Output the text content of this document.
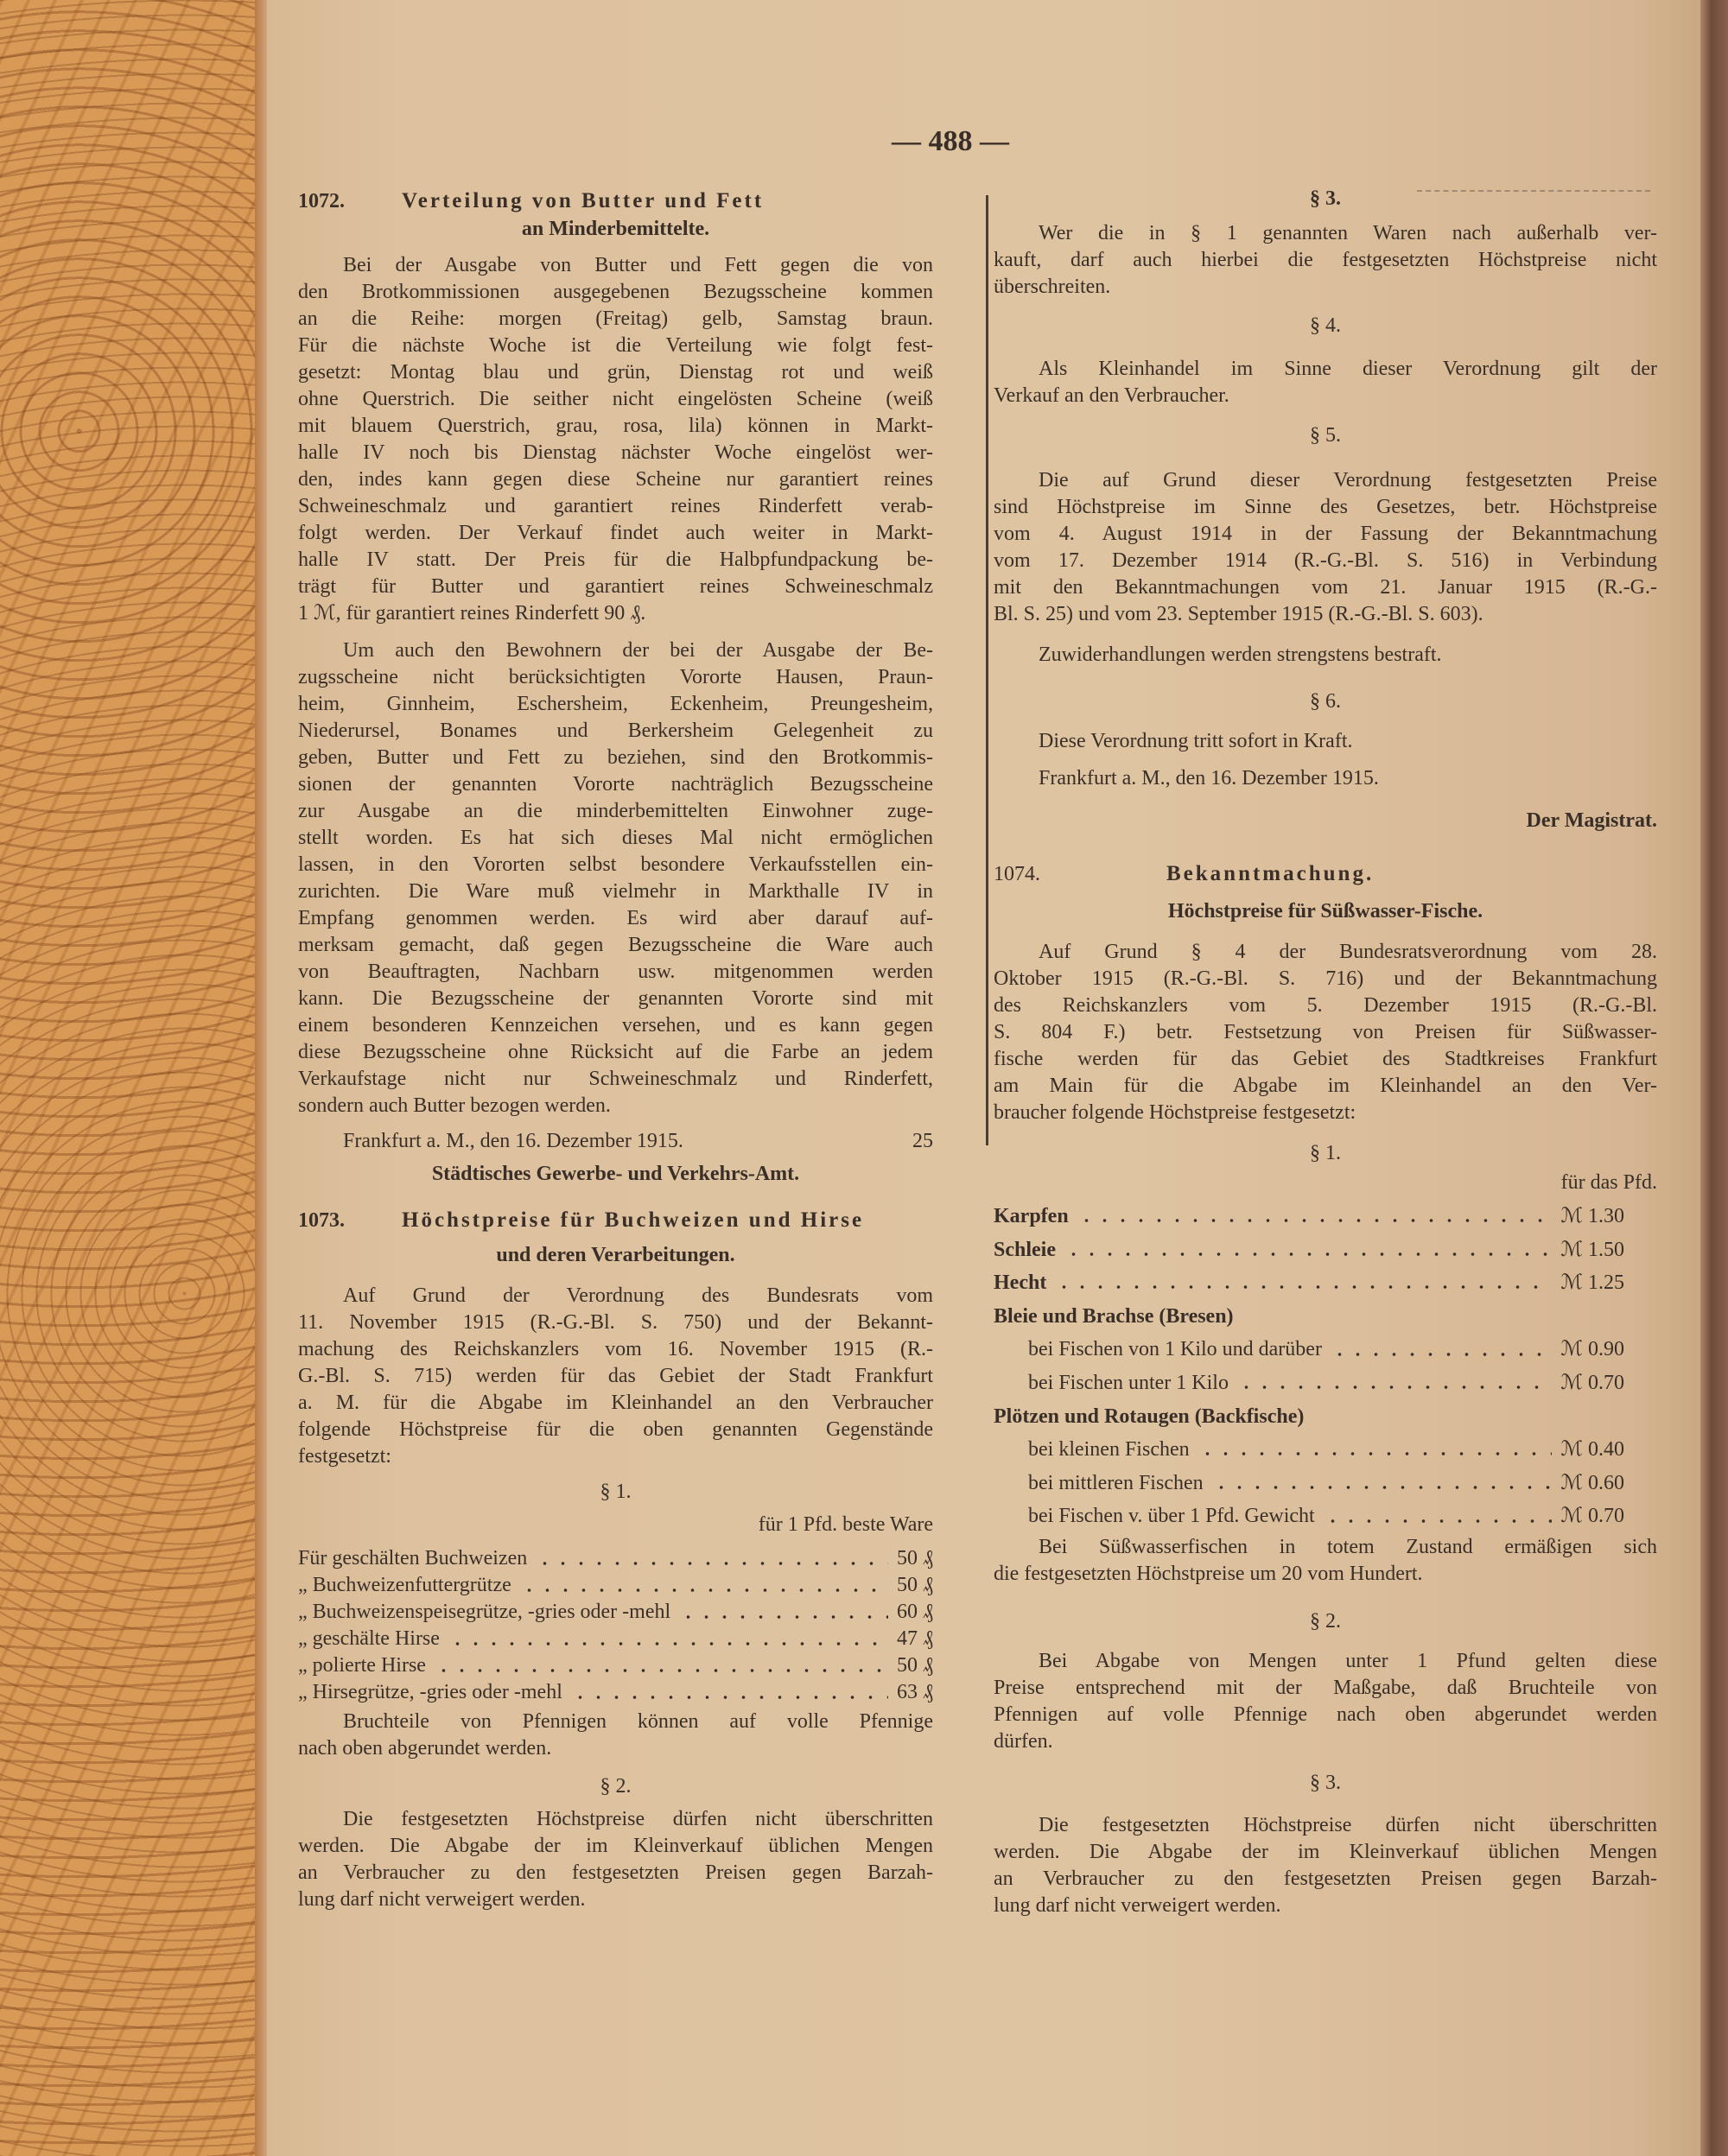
— 488 —
1072.	Verteilung von Butter und Fett
an Minderbemittelte.
Bei der Ausgabe von Butter und Fett gegen die von
den Brotkommissionen ausgegebenen Bezugsscheine kommen
an die Reihe: morgen (Freitag) gelb, Samstag braun.
Für die nächste Woche ist die Verteilung wie folgt fest-
gesetzt: Montag blau und grün, Dienstag rot und weiß
ohne Querstrich. Die seither nicht eingelösten Scheine (weiß
mit blauem Querstrich, grau, rosa, lila) können in Markt-
halle IV noch bis Dienstag nächster Woche eingelöst wer-
den, indes kann gegen diese Scheine nur garantiert reines
Schweineschmalz und garantiert reines Rinderfett verab-
folgt werden. Der Verkauf findet auch weiter in Markt-
halle IV statt. Der Preis für die Halbpfundpackung be-
trägt für Butter und garantiert reines Schweineschmalz
1 ℳ, für garantiert reines Rinderfett 90 ₰.
Um auch den Bewohnern der bei der Ausgabe der Be-
zugsscheine nicht berücksichtigten Vororte Hausen, Praun-
heim, Ginnheim, Eschersheim, Eckenheim, Preungesheim,
Niederursel, Bonames und Berkersheim Gelegenheit zu
geben, Butter und Fett zu beziehen, sind den Brotkommis-
sionen der genannten Vororte nachträglich Bezugsscheine
zur Ausgabe an die minderbemittelten Einwohner zuge-
stellt worden. Es hat sich dieses Mal nicht ermöglichen
lassen, in den Vororten selbst besondere Verkaufsstellen ein-
zurichten. Die Ware muß vielmehr in Markthalle IV in
Empfang genommen werden. Es wird aber darauf auf-
merksam gemacht, daß gegen Bezugsscheine die Ware auch
von Beauftragten, Nachbarn usw. mitgenommen werden
kann. Die Bezugsscheine der genannten Vororte sind mit
einem besonderen Kennzeichen versehen, und es kann gegen
diese Bezugsscheine ohne Rücksicht auf die Farbe an jedem
Verkaufstage nicht nur Schweineschmalz und Rinderfett,
sondern auch Butter bezogen werden.
Frankfurt a. M., den 16. Dezember 1915.	25
Städtisches Gewerbe- und Verkehrs-Amt.
1073.	Höchstpreise für Buchweizen und Hirse
und deren Verarbeitungen.
Auf Grund der Verordnung des Bundesrats vom
11. November 1915 (R.-G.-Bl. S. 750) und der Bekannt-
machung des Reichskanzlers vom 16. November 1915 (R.-
G.-Bl. S. 715) werden für das Gebiet der Stadt Frankfurt
a. M. für die Abgabe im Kleinhandel an den Verbraucher
folgende Höchstpreise für die oben genannten Gegenstände
festgesetzt:
§ 1.
für 1 Pfd. beste Ware
Für geschälten Buchweizen	50 ₰
„ Buchweizenfuttergrütze	50 ₰
„ Buchweizenspeisegrütze, -gries oder -mehl	60 ₰
„ geschälte Hirse	47 ₰
„ polierte Hirse	50 ₰
„ Hirsegrütze, -gries oder -mehl	63 ₰
Bruchteile von Pfennigen können auf volle Pfennige
nach oben abgerundet werden.
§ 2.
Die festgesetzten Höchstpreise dürfen nicht überschritten
werden. Die Abgabe der im Kleinverkauf üblichen Mengen
an Verbraucher zu den festgesetzten Preisen gegen Barzah-
lung darf nicht verweigert werden.
§ 3.
Wer die in § 1 genannten Waren nach außerhalb ver-
kauft, darf auch hierbei die festgesetzten Höchstpreise nicht
überschreiten.
§ 4.
Als Kleinhandel im Sinne dieser Verordnung gilt der
Verkauf an den Verbraucher.
§ 5.
Die auf Grund dieser Verordnung festgesetzten Preise
sind Höchstpreise im Sinne des Gesetzes, betr. Höchstpreise
vom 4. August 1914 in der Fassung der Bekanntmachung
vom 17. Dezember 1914 (R.-G.-Bl. S. 516) in Verbindung
mit den Bekanntmachungen vom 21. Januar 1915 (R.-G.-
Bl. S. 25) und vom 23. September 1915 (R.-G.-Bl. S. 603).
Zuwiderhandlungen werden strengstens bestraft.
§ 6.
Diese Verordnung tritt sofort in Kraft.
Frankfurt a. M., den 16. Dezember 1915.
Der Magistrat.
1074.	Bekanntmachung.
Höchstpreise für Süßwasser-Fische.
Auf Grund § 4 der Bundesratsverordnung vom 28.
Oktober 1915 (R.-G.-Bl. S. 716) und der Bekanntmachung
des Reichskanzlers vom 5. Dezember 1915 (R.-G.-Bl.
S. 804 F.) betr. Festsetzung von Preisen für Süßwasser-
fische werden für das Gebiet des Stadtkreises Frankfurt
am Main für die Abgabe im Kleinhandel an den Ver-
braucher folgende Höchstpreise festgesetzt:
§ 1.
für das Pfd.
Karpfen	ℳ 1.30
Schleie	ℳ 1.50
Hecht	ℳ 1.25
Bleie und Brachse (Bresen)
bei Fischen von 1 Kilo und darüber	ℳ 0.90
bei Fischen unter 1 Kilo	ℳ 0.70
Plötzen und Rotaugen (Backfische)
bei kleinen Fischen	ℳ 0.40
bei mittleren Fischen	ℳ 0.60
bei Fischen v. über 1 Pfd. Gewicht	ℳ 0.70
Bei Süßwasserfischen in totem Zustand ermäßigen sich
die festgesetzten Höchstpreise um 20 vom Hundert.
§ 2.
Bei Abgabe von Mengen unter 1 Pfund gelten diese
Preise entsprechend mit der Maßgabe, daß Bruchteile von
Pfennigen auf volle Pfennige nach oben abgerundet werden
dürfen.
§ 3.
Die festgesetzten Höchstpreise dürfen nicht überschritten
werden. Die Abgabe der im Kleinverkauf üblichen Mengen
an Verbraucher zu den festgesetzten Preisen gegen Barzah-
lung darf nicht verweigert werden.
